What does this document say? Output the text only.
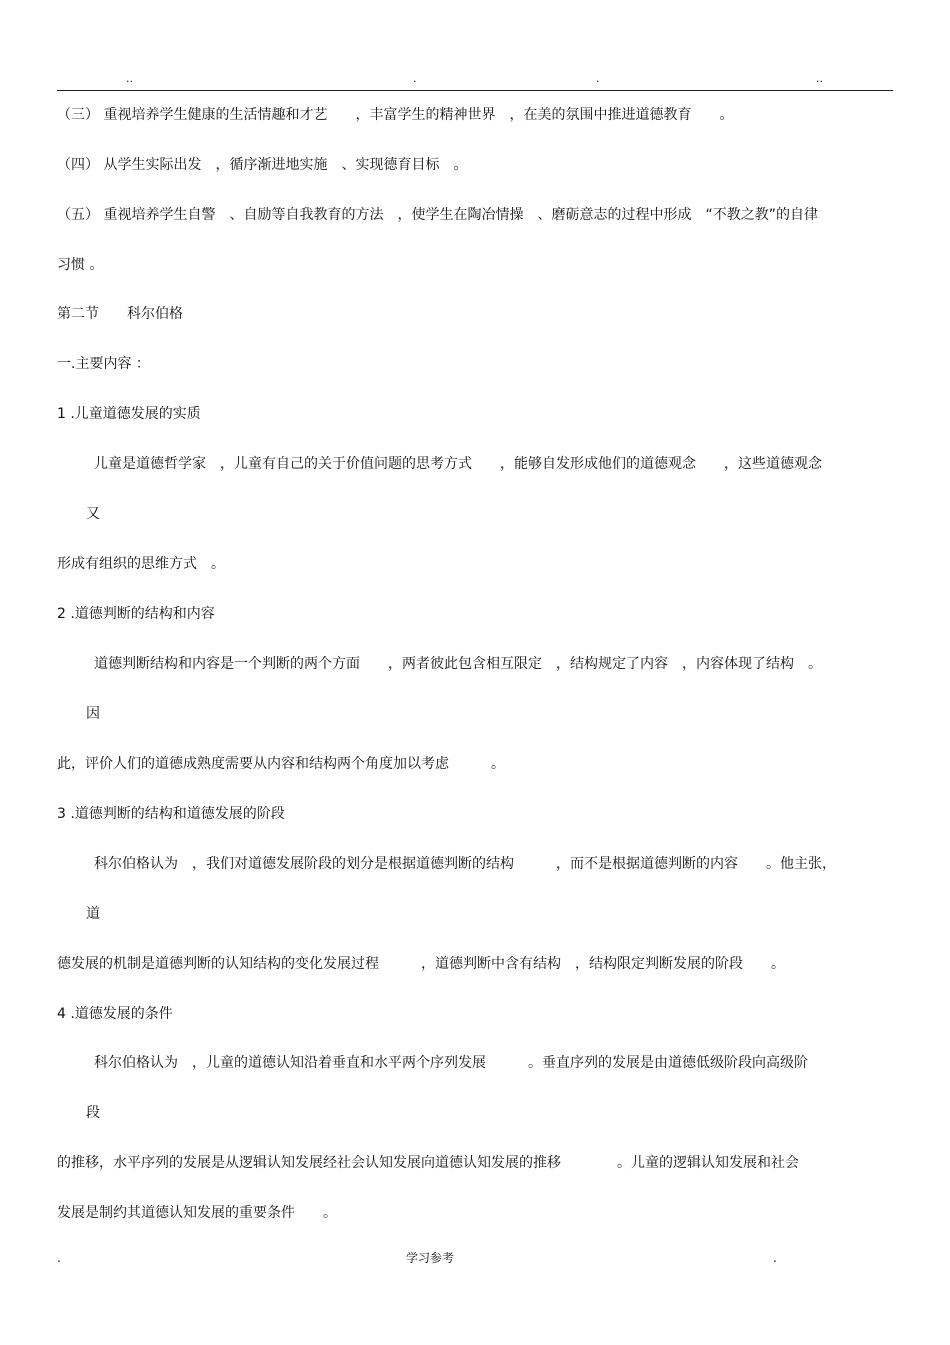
..	.	.	..
（三） 重视培养学生健康的生活情趣和才艺　　，丰富学生的精神世界　，在美的氛围中推进道德教育　　。
（四） 从学生实际出发　，循序渐进地实施　、实现德育目标　。
（五） 重视培养学生自警　、自励等自我教育的方法　，使学生在陶冶情操　、磨砺意志的过程中形成　“不教之教”的自律
习惯 。
第二节　　科尔伯格
一.主要内容 ：
1 .儿童道德发展的实质
儿童是道德哲学家　，儿童有自己的关于价值问题的思考方式　　，能够自发形成他们的道德观念　　，这些道德观念
又
形成有组织的思维方式　。
2 .道德判断的结构和内容
道德判断结构和内容是一个判断的两个方面　　，两者彼此包含相互限定　，结构规定了内容　，内容体现了结构　。
因
此，评价人们的道德成熟度需要从内容和结构两个角度加以考虑　　　。
3 .道德判断的结构和道德发展的阶段
科尔伯格认为　，我们对道德发展阶段的划分是根据道德判断的结构　　　，而不是根据道德判断的内容　　。他主张，
道
德发展的机制是道德判断的认知结构的变化发展过程　　　，道德判断中含有结构　，结构限定判断发展的阶段　　。
4 .道德发展的条件
科尔伯格认为　，儿童的道德认知沿着垂直和水平两个序列发展　　　。垂直序列的发展是由道德低级阶段向高级阶
段
的推移，水平序列的发展是从逻辑认知发展经社会认知发展向道德认知发展的推移　　　　。儿童的逻辑认知发展和社会
发展是制约其道德认知发展的重要条件　　。
.	学习参考	.
